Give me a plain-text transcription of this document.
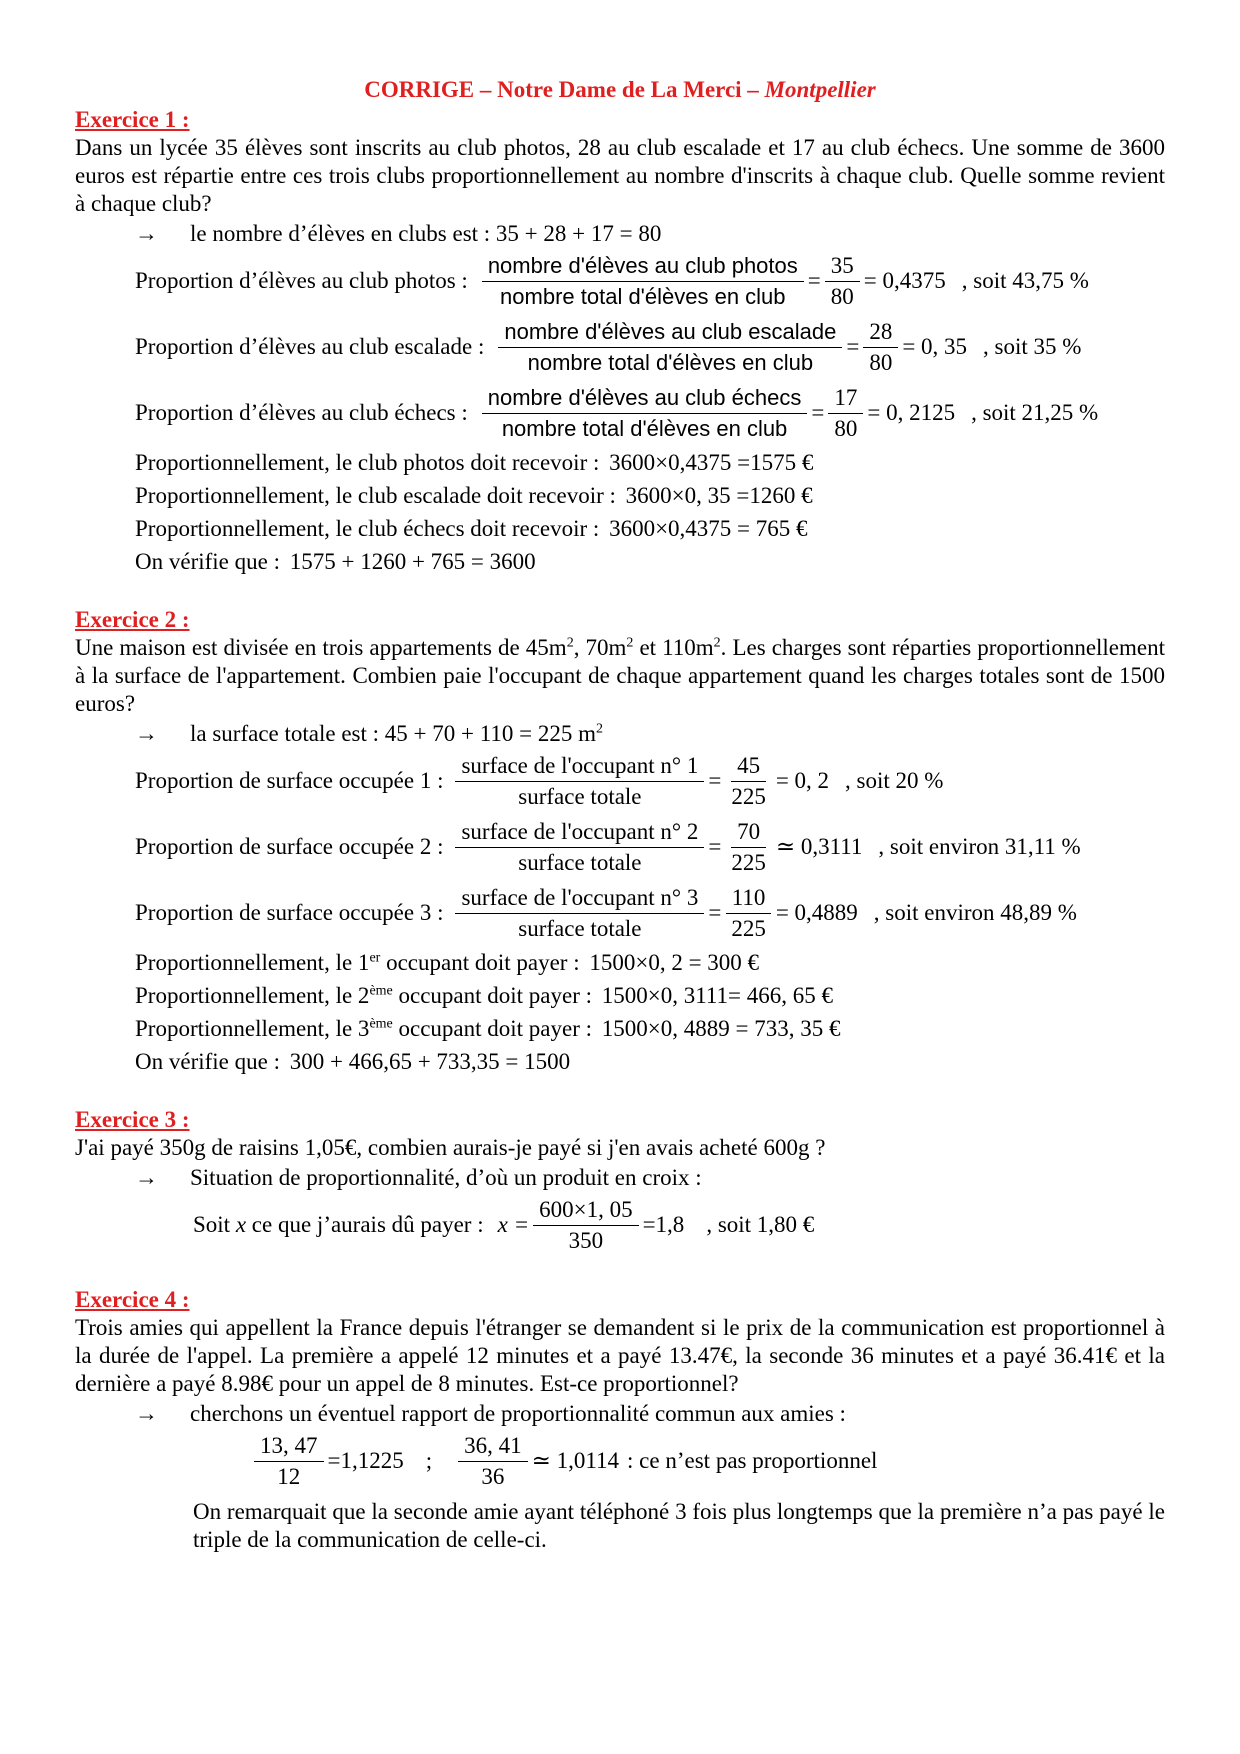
CORRIGE – Notre Dame de La Merci – Montpellier

Exercice 1 :

Dans un lycée 35 élèves sont inscrits au club photos, 28 au club escalade et 17 au club échecs. Une somme de 3600 euros est répartie entre ces trois clubs proportionnellement au nombre d'inscrits à chaque club. Quelle somme revient à chaque club?

→ le nombre d’élèves en clubs est : 35 + 28 + 17 = 80
Proportion d’élèves au club photos : $\frac{\text{nombre d'élèves au club photos}}{\text{nombre total d'élèves en club}} = \frac{35}{80} = 0,4375$ , soit 43,75 %
Proportion d’élèves au club escalade : $\frac{\text{nombre d'élèves au club escalade}}{\text{nombre total d'élèves en club}} = \frac{28}{80} = 0$, 35 , soit 35 %
Proportion d’élèves au club échecs : $\frac{\text{nombre d'élèves au club échecs}}{\text{nombre total d'élèves en club}} = \frac{17}{80} = 0$, 2125 , soit 21,25 %
Proportionnellement, le club photos doit recevoir : 3600×0,4375 =1575 €
Proportionnellement, le club escalade doit recevoir : 3600×0, 35 =1260 €
Proportionnellement, le club échecs doit recevoir : 3600×0,4375 = 765 €
On vérifie que : 1575 + 1260 + 765 = 3600

Exercice 2 :

Une maison est divisée en trois appartements de $45m^2$, $70m^2$ et $110m^2$. Les charges sont réparties proportionnellement à la surface de l'appartement. Combien paie l'occupant de chaque appartement quand les charges totales sont de 1500 euros?

→ la surface totale est : 45 + 70 + 110 = 225 $m^2$
Proportion de surface occupée 1 : $\frac{\text{surface de l'occupant n° 1}}{\text{surface totale}} = \frac{45}{225} = 0$, 2 , soit 20 %
Proportion de surface occupée 2 : $\frac{\text{surface de l'occupant n° 2}}{\text{surface totale}} = \frac{70}{225}$ ≃ 0,3111 , soit environ 31,11 %
Proportion de surface occupée 3 : $\frac{\text{surface de l'occupant n° 3}}{\text{surface totale}} = \frac{110}{225} = 0,4889$ , soit environ 48,89 %
Proportionnellement, le 1er occupant doit payer : 1500×0, 2 = 300 €
Proportionnellement, le 2ème occupant doit payer : 1500×0, 3111= 466, 65 €
Proportionnellement, le 3ème occupant doit payer : 1500×0, 4889 = 733, 35 €
On vérifie que : 300 + 466,65 + 733,35 = 1500

Exercice 3 :

J'ai payé 350g de raisins 1,05€, combien aurais-je payé si j'en avais acheté 600g ?

→ Situation de proportionnalité, d’où un produit en croix :
Soit x ce que j’aurais dû payer : $x = \frac{600\times 1, 05}{350} =1,8$ , soit 1,80 €

Exercice 4 :

Trois amies qui appellent la France depuis l'étranger se demandent si le prix de la communication est proportionnel à la durée de l'appel. La première a appelé 12 minutes et a payé 13.47€, la seconde 36 minutes et a payé 36.41€ et la dernière a payé 8.98€ pour un appel de 8 minutes. Est-ce proportionnel?

→ cherchons un éventuel rapport de proportionnalité commun aux amies :
$\frac{13, 47}{12} =1,1225$ ; $\frac{36, 41}{36}$ ≃ 1,0114 : ce n’est pas proportionnel

On remarquait que la seconde amie ayant téléphoné 3 fois plus longtemps que la première n’a pas payé le triple de la communication de celle-ci.
